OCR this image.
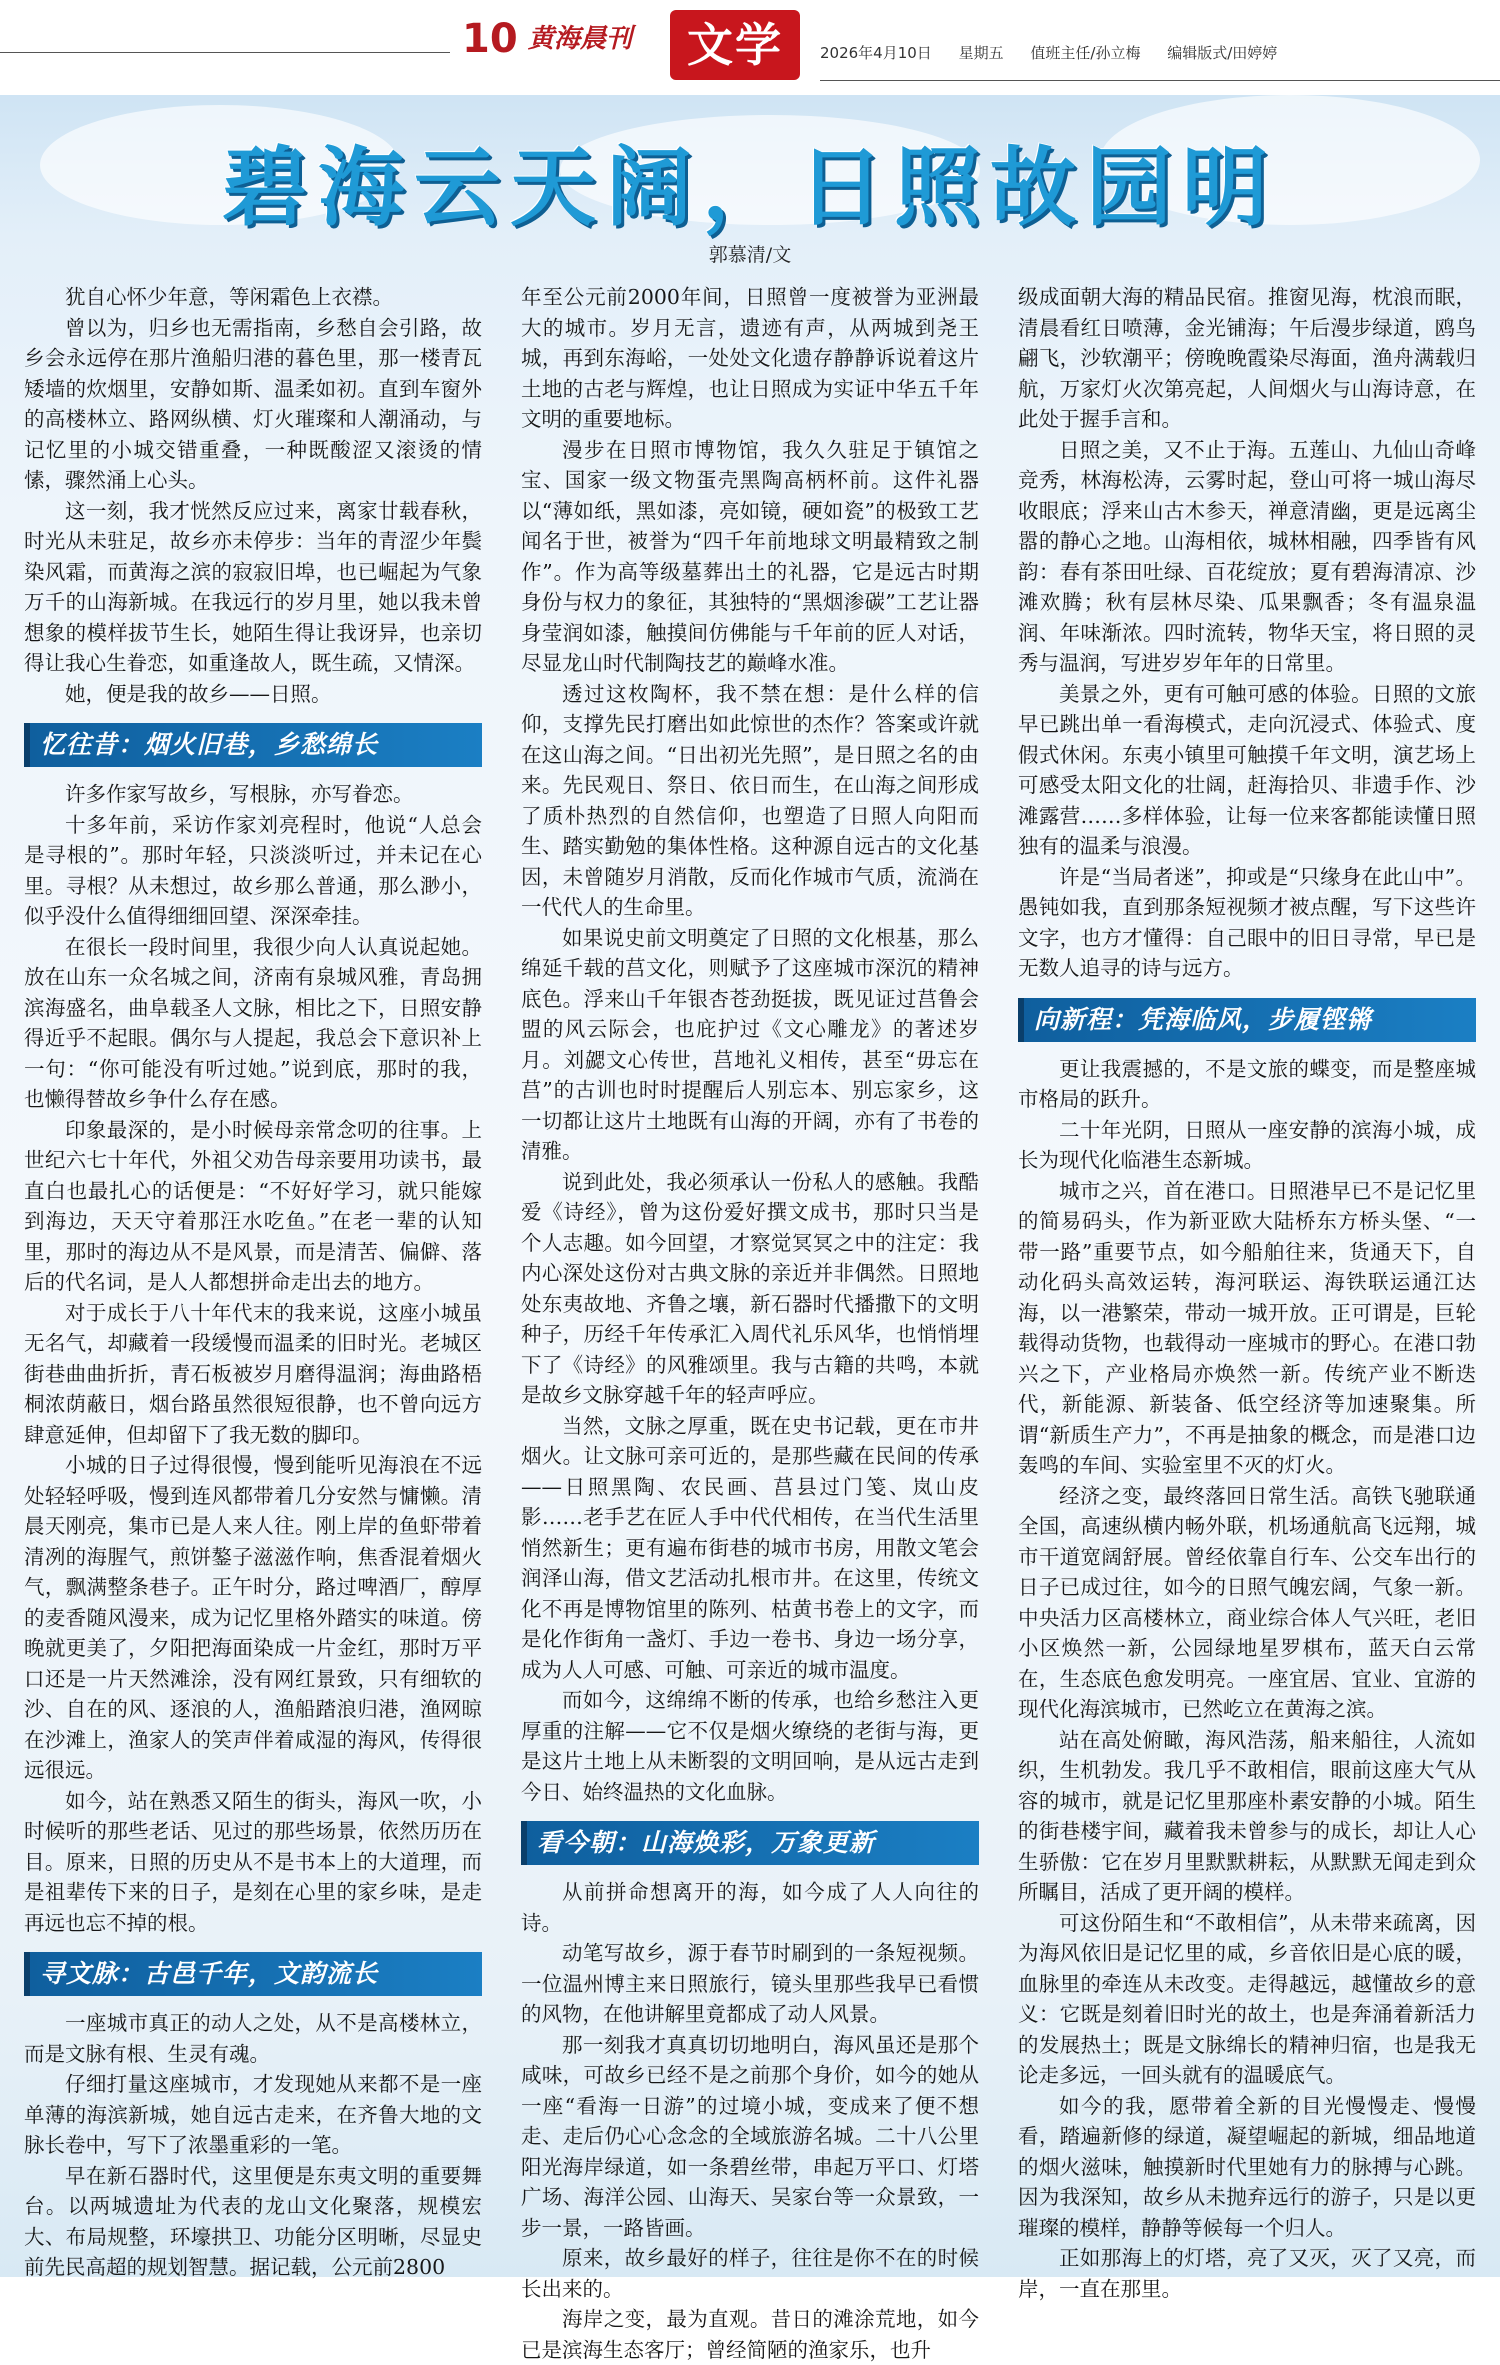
10 黄海晨刊	文学	2026年4月10日 星期五 值班主任/孙立梅 编辑版式/田婷婷
碧海云天阔，日照故园明
郭慕清/文

犹自心怀少年意，等闲霜色上衣襟。

曾以为，归乡也无需指南，乡愁自会引路，故乡会永远停在那片渔船归港的暮色里，那一楼青瓦矮墙的炊烟里，安静如斯、温柔如初。直到车窗外的高楼林立、路网纵横、灯火璀璨和人潮涌动，与记忆里的小城交错重叠，一种既酸涩又滚烫的情愫，骤然涌上心头。

这一刻，我才恍然反应过来，离家廿载春秋，时光从未驻足，故乡亦未停步：当年的青涩少年鬓染风霜，而黄海之滨的寂寂旧埠，也已崛起为气象万千的山海新城。在我远行的岁月里，她以我未曾想象的模样拔节生长，她陌生得让我讶异，也亲切得让我心生眷恋，如重逢故人，既生疏，又情深。

她，便是我的故乡——日照。

忆往昔：烟火旧巷，乡愁绵长

许多作家写故乡，写根脉，亦写眷恋。

十多年前，采访作家刘亮程时，他说“人总会是寻根的”。那时年轻，只淡淡听过，并未记在心里。寻根？从未想过，故乡那么普通，那么渺小，似乎没什么值得细细回望、深深牵挂。

在很长一段时间里，我很少向人认真说起她。放在山东一众名城之间，济南有泉城风雅，青岛拥滨海盛名，曲阜载圣人文脉，相比之下，日照安静得近乎不起眼。偶尔与人提起，我总会下意识补上一句：“你可能没有听过她。”说到底，那时的我，也懒得替故乡争什么存在感。

印象最深的，是小时候母亲常念叨的往事。上世纪六七十年代，外祖父劝告母亲要用功读书，最直白也最扎心的话便是：“不好好学习，就只能嫁到海边，天天守着那汪水吃鱼。”在老一辈的认知里，那时的海边从不是风景，而是清苦、偏僻、落后的代名词，是人人都想拼命走出去的地方。

对于成长于八十年代末的我来说，这座小城虽无名气，却藏着一段缓慢而温柔的旧时光。老城区街巷曲曲折折，青石板被岁月磨得温润；海曲路梧桐浓荫蔽日，烟台路虽然很短很静，也不曾向远方肆意延伸，但却留下了我无数的脚印。

小城的日子过得很慢，慢到能听见海浪在不远处轻轻呼吸，慢到连风都带着几分安然与慵懒。清晨天刚亮，集市已是人来人往。刚上岸的鱼虾带着清冽的海腥气，煎饼鏊子滋滋作响，焦香混着烟火气，飘满整条巷子。正午时分，路过啤酒厂，醇厚的麦香随风漫来，成为记忆里格外踏实的味道。傍晚就更美了，夕阳把海面染成一片金红，那时万平口还是一片天然滩涂，没有网红景致，只有细软的沙、自在的风、逐浪的人，渔船踏浪归港，渔网晾在沙滩上，渔家人的笑声伴着咸湿的海风，传得很远很远。

如今，站在熟悉又陌生的街头，海风一吹，小时候听的那些老话、见过的那些场景，依然历历在目。原来，日照的历史从不是书本上的大道理，而是祖辈传下来的日子，是刻在心里的家乡味，是走再远也忘不掉的根。

寻文脉：古邑千年，文韵流长

一座城市真正的动人之处，从不是高楼林立，而是文脉有根、生灵有魂。

仔细打量这座城市，才发现她从来都不是一座单薄的海滨新城，她自远古走来，在齐鲁大地的文脉长卷中，写下了浓墨重彩的一笔。

早在新石器时代，这里便是东夷文明的重要舞台。以两城遗址为代表的龙山文化聚落，规模宏大、布局规整，环壕拱卫、功能分区明晰，尽显史前先民高超的规划智慧。据记载，公元前2800

年至公元前2000年间，日照曾一度被誉为亚洲最大的城市。岁月无言，遗迹有声，从两城到尧王城，再到东海峪，一处处文化遗存静静诉说着这片土地的古老与辉煌，也让日照成为实证中华五千年文明的重要地标。

漫步在日照市博物馆，我久久驻足于镇馆之宝、国家一级文物蛋壳黑陶高柄杯前。这件礼器以“薄如纸，黑如漆，亮如镜，硬如瓷”的极致工艺闻名于世，被誉为“四千年前地球文明最精致之制作”。作为高等级墓葬出土的礼器，它是远古时期身份与权力的象征，其独特的“黑烟渗碳”工艺让器身莹润如漆，触摸间仿佛能与千年前的匠人对话，尽显龙山时代制陶技艺的巅峰水准。

透过这枚陶杯，我不禁在想：是什么样的信仰，支撑先民打磨出如此惊世的杰作？答案或许就在这山海之间。“日出初光先照”，是日照之名的由来。先民观日、祭日、依日而生，在山海之间形成了质朴热烈的自然信仰，也塑造了日照人向阳而生、踏实勤勉的集体性格。这种源自远古的文化基因，未曾随岁月消散，反而化作城市气质，流淌在一代代人的生命里。

如果说史前文明奠定了日照的文化根基，那么绵延千载的莒文化，则赋予了这座城市深沉的精神底色。浮来山千年银杏苍劲挺拔，既见证过莒鲁会盟的风云际会，也庇护过《文心雕龙》的著述岁月。刘勰文心传世，莒地礼义相传，甚至“毋忘在莒”的古训也时时提醒后人别忘本、别忘家乡，这一切都让这片土地既有山海的开阔，亦有了书卷的清雅。

说到此处，我必须承认一份私人的感触。我酷爱《诗经》，曾为这份爱好撰文成书，那时只当是个人志趣。如今回望，才察觉冥冥之中的注定：我内心深处这份对古典文脉的亲近并非偶然。日照地处东夷故地、齐鲁之壤，新石器时代播撒下的文明种子，历经千年传承汇入周代礼乐风华，也悄悄埋下了《诗经》的风雅颂里。我与古籍的共鸣，本就是故乡文脉穿越千年的轻声呼应。

当然，文脉之厚重，既在史书记载，更在市井烟火。让文脉可亲可近的，是那些藏在民间的传承——日照黑陶、农民画、莒县过门笺、岚山皮影……老手艺在匠人手中代代相传，在当代生活里悄然新生；更有遍布街巷的城市书房，用散文笔会润泽山海，借文艺活动扎根市井。在这里，传统文化不再是博物馆里的陈列、枯黄书卷上的文字，而是化作街角一盏灯、手边一卷书、身边一场分享，成为人人可感、可触、可亲近的城市温度。

而如今，这绵绵不断的传承，也给乡愁注入更厚重的注解——它不仅是烟火缭绕的老街与海，更是这片土地上从未断裂的文明回响，是从远古走到今日、始终温热的文化血脉。

看今朝：山海焕彩，万象更新

从前拼命想离开的海，如今成了人人向往的诗。

动笔写故乡，源于春节时刷到的一条短视频。一位温州博主来日照旅行，镜头里那些我早已看惯的风物，在他讲解里竟都成了动人风景。

那一刻我才真真切切地明白，海风虽还是那个咸味，可故乡已经不是之前那个身价，如今的她从一座“看海一日游”的过境小城，变成来了便不想走、走后仍心心念念的全域旅游名城。二十八公里阳光海岸绿道，如一条碧丝带，串起万平口、灯塔广场、海洋公园、山海天、吴家台等一众景致，一步一景，一路皆画。

原来，故乡最好的样子，往往是你不在的时候长出来的。

海岸之变，最为直观。昔日的滩涂荒地，如今已是滨海生态客厅；曾经简陋的渔家乐，也升

级成面朝大海的精品民宿。推窗见海，枕浪而眠，清晨看红日喷薄，金光铺海；午后漫步绿道，鸥鸟翩飞，沙软潮平；傍晚晚霞染尽海面，渔舟满载归航，万家灯火次第亮起，人间烟火与山海诗意，在此处于握手言和。

日照之美，又不止于海。五莲山、九仙山奇峰竞秀，林海松涛，云雾时起，登山可将一城山海尽收眼底；浮来山古木参天，禅意清幽，更是远离尘嚣的静心之地。山海相依，城林相融，四季皆有风韵：春有茶田吐绿、百花绽放；夏有碧海清凉、沙滩欢腾；秋有层林尽染、瓜果飘香；冬有温泉温润、年味渐浓。四时流转，物华天宝，将日照的灵秀与温润，写进岁岁年年的日常里。

美景之外，更有可触可感的体验。日照的文旅早已跳出单一看海模式，走向沉浸式、体验式、度假式休闲。东夷小镇里可触摸千年文明，演艺场上可感受太阳文化的壮阔，赶海拾贝、非遗手作、沙滩露营……多样体验，让每一位来客都能读懂日照独有的温柔与浪漫。

许是“当局者迷”，抑或是“只缘身在此山中”。愚钝如我，直到那条短视频才被点醒，写下这些许文字，也方才懂得：自己眼中的旧日寻常，早已是无数人追寻的诗与远方。

向新程：凭海临风，步履铿锵

更让我震撼的，不是文旅的蝶变，而是整座城市格局的跃升。

二十年光阴，日照从一座安静的滨海小城，成长为现代化临港生态新城。

城市之兴，首在港口。日照港早已不是记忆里的简易码头，作为新亚欧大陆桥东方桥头堡、“一带一路”重要节点，如今船舶往来，货通天下，自动化码头高效运转，海河联运、海铁联运通江达海，以一港繁荣，带动一城开放。正可谓是，巨轮载得动货物，也载得动一座城市的野心。在港口勃兴之下，产业格局亦焕然一新。传统产业不断迭代，新能源、新装备、低空经济等加速聚集。所谓“新质生产力”，不再是抽象的概念，而是港口边轰鸣的车间、实验室里不灭的灯火。

经济之变，最终落回日常生活。高铁飞驰联通全国，高速纵横内畅外联，机场通航高飞远翔，城市干道宽阔舒展。曾经依靠自行车、公交车出行的日子已成过往，如今的日照气魄宏阔，气象一新。中央活力区高楼林立，商业综合体人气兴旺，老旧小区焕然一新，公园绿地星罗棋布，蓝天白云常在，生态底色愈发明亮。一座宜居、宜业、宜游的现代化海滨城市，已然屹立在黄海之滨。

站在高处俯瞰，海风浩荡，船来船往，人流如织，生机勃发。我几乎不敢相信，眼前这座大气从容的城市，就是记忆里那座朴素安静的小城。陌生的街巷楼宇间，藏着我未曾参与的成长，却让人心生骄傲：它在岁月里默默耕耘，从默默无闻走到众所瞩目，活成了更开阔的模样。

可这份陌生和“不敢相信”，从未带来疏离，因为海风依旧是记忆里的咸，乡音依旧是心底的暖，血脉里的牵连从未改变。走得越远，越懂故乡的意义：它既是刻着旧时光的故土，也是奔涌着新活力的发展热土；既是文脉绵长的精神归宿，也是我无论走多远，一回头就有的温暖底气。

如今的我，愿带着全新的目光慢慢走、慢慢看，踏遍新修的绿道，凝望崛起的新城，细品地道的烟火滋味，触摸新时代里她有力的脉搏与心跳。因为我深知，故乡从未抛弃远行的游子，只是以更璀璨的模样，静静等候每一个归人。

正如那海上的灯塔，亮了又灭，灭了又亮，而岸，一直在那里。
